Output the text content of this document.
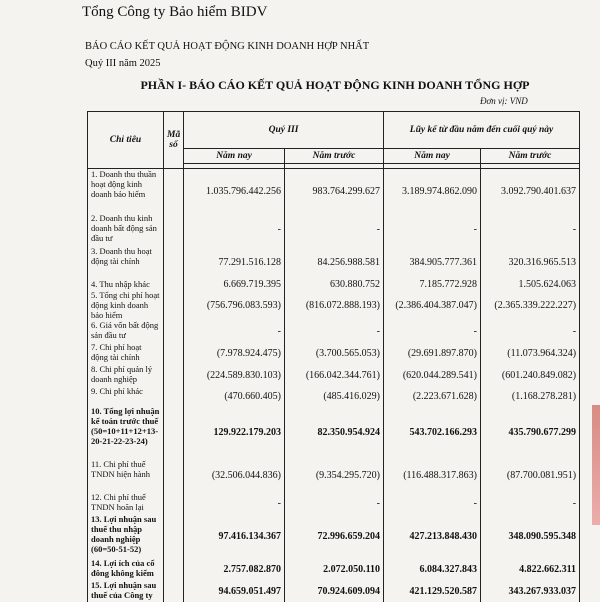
Tổng Công ty Bảo hiểm BIDV
BÁO CÁO KẾT QUẢ HOẠT ĐỘNG KINH DOANH HỢP NHẤT
Quý III năm 2025
PHẦN I- BÁO CÁO KẾT QUẢ HOẠT ĐỘNG KINH DOANH TỔNG HỢP
Đơn vị: VND
Chỉ tiêu	Mã số	Quý III		Lũy kế từ đầu năm đến cuối quý này	
		Năm nay	Năm trước	Năm nay	Năm trước

1. Doanh thu thuần hoạt động kinh doanh bảo hiểm		1.035.796.442.256	983.764.299.627	3.189.974.862.090	3.092.790.401.637
2. Doanh thu kinh doanh bất động sản đầu tư		-	-	-	-
3. Doanh thu hoạt động tài chính		77.291.516.128	84.256.988.581	384.905.777.361	320.316.965.513
4. Thu nhập khác		6.669.719.395	630.880.752	7.185.772.928	1.505.624.063
5. Tổng chi phí hoạt động kinh doanh bảo hiểm		(756.796.083.593)	(816.072.888.193)	(2.386.404.387.047)	(2.365.339.222.227)
6. Giá vốn bất động sản đầu tư		-	-	-	-
7. Chi phí hoạt động tài chính		(7.978.924.475)	(3.700.565.053)	(29.691.897.870)	(11.073.964.324)
8. Chi phí quản lý doanh nghiệp		(224.589.830.103)	(166.042.344.761)	(620.044.289.541)	(601.240.849.082)
9. Chi phí khác		(470.660.405)	(485.416.029)	(2.223.671.628)	(1.168.278.281)
10. Tổng lợi nhuận kế toán trước thuế (50=10+11+12+13-20-21-22-23-24)		129.922.179.203	82.350.954.924	543.702.166.293	435.790.677.299
11. Chi phí thuế TNDN hiện hành		(32.506.044.836)	(9.354.295.720)	(116.488.317.863)	(87.700.081.951)
12. Chi phí thuế TNDN hoãn lại		-	-	-	-
13. Lợi nhuận sau thuế thu nhập doanh nghiệp (60=50-51-52)		97.416.134.367	72.996.659.204	427.213.848.430	348.090.595.348
14. Lợi ích của cổ đông không kiểm		2.757.082.870	2.072.050.110	6.084.327.843	4.822.662.311
15. Lợi nhuận sau thuế của Công ty		94.659.051.497	70.924.609.094	421.129.520.587	343.267.933.037
